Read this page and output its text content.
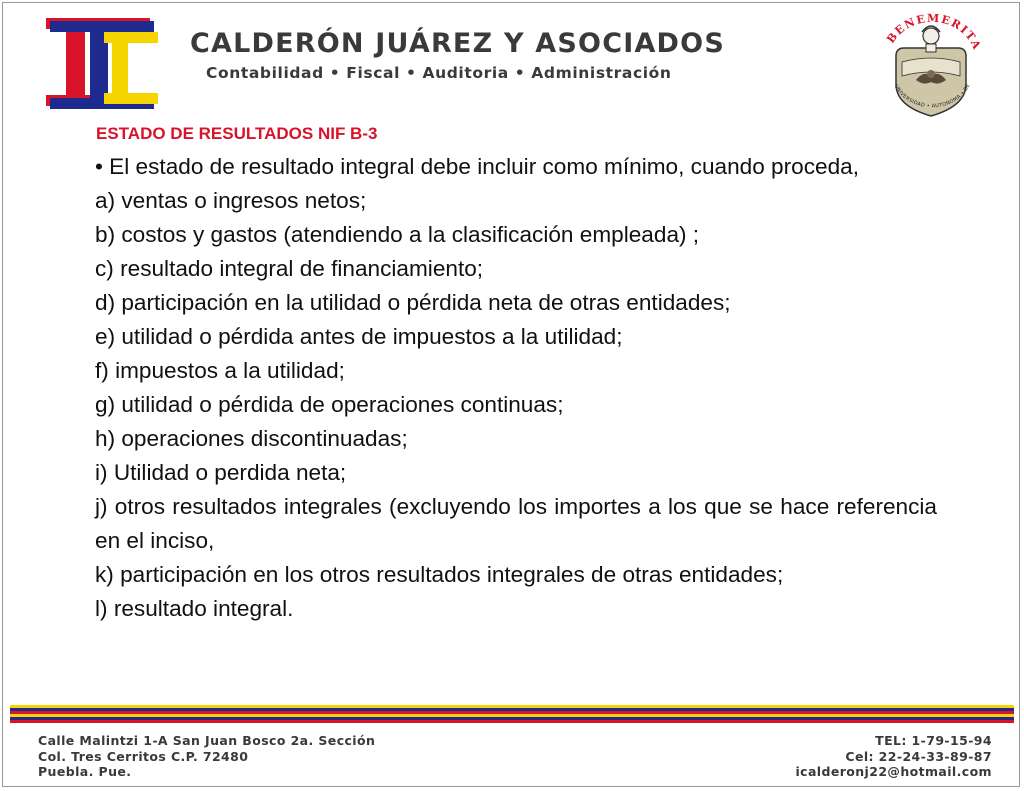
CALDERÓN JUÁREZ Y ASOCIADOS
Contabilidad • Fiscal • Auditoria • Administración
BENEMERITA
UNIVERSIDAD • AUTONOMA • DE
ESTADO DE RESULTADOS NIF B-3

• El estado de resultado integral debe incluir como mínimo, cuando proceda,

a) ventas o ingresos netos;

b) costos y gastos (atendiendo a la clasificación empleada) ;

c) resultado integral de financiamiento;

d) participación en la utilidad o pérdida neta de otras entidades;

e) utilidad o pérdida antes de impuestos a la utilidad;

f) impuestos a la utilidad;

g) utilidad o pérdida de operaciones continuas;

h) operaciones discontinuadas;

i) Utilidad o perdida neta;

j) otros resultados integrales (excluyendo los importes a los que se hace referencia en el inciso,

k) participación en los otros resultados integrales de otras entidades;

l) resultado integral.

Calle Malintzi 1-A San Juan Bosco 2a. Sección
Col. Tres Cerritos C.P. 72480
Puebla. Pue.
TEL: 1-79-15-94
Cel: 22-24-33-89-87
icalderonj22@hotmail.com
